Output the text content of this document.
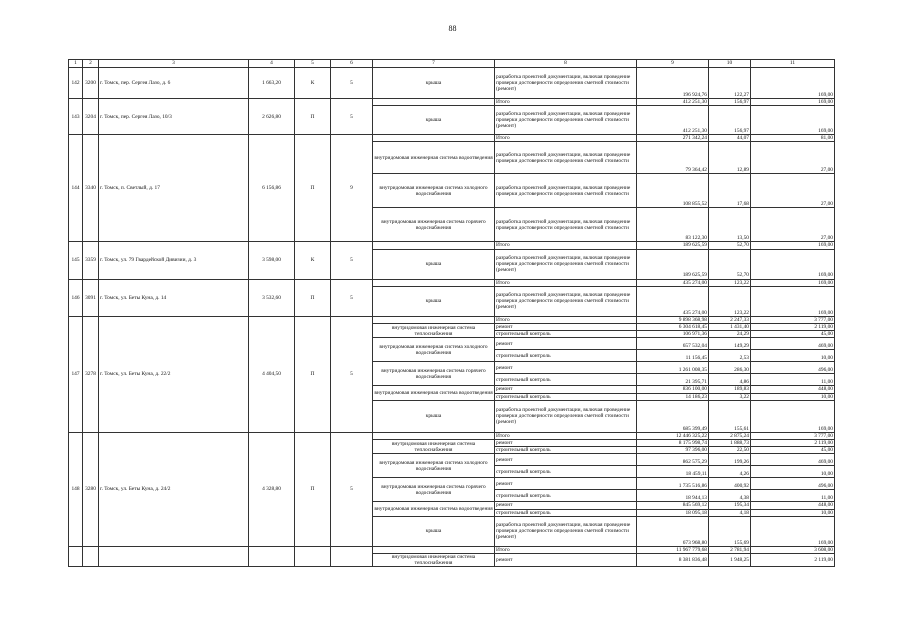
88
1	2	3	4	5	6	7	8	9	10	11
142	3200	г. Томск, пер. Сергея Лазо, д. 6	1 663,20	К	5	крыша	разработка проектной документации, включая проведение проверки достоверности определения сметной стоимости (ремонт)	196 924,76	122,27	169,00
143	3204	г. Томск, пер. Сергея Лазо, 10/3	2 626,80	П	5		Итого	412 251,30	156,97	169,00
						крыша	разработка проектной документации, включая проведение проверки достоверности определения сметной стоимости (ремонт)	412 251,30	156,97	169,00
144	3340	г. Томск, п. Светлый, д. 17	6 156,86	П	9		Итого	271 342,24	44,07	81,00
						внутридомовая инженерная система водоотведения	разработка проектной документации, включая проведение проверки достоверности определения сметной стоимости	79 364,42	12,89	27,00
						внутридомовая инженерная система холодного водоснабжения	разработка проектной документации, включая проведение проверки достоверности определения сметной стоимости	108 855,52	17,68	27,00
						внутридомовая инженерная система горячего водоснабжения	разработка проектной документации, включая проведение проверки достоверности определения сметной стоимости	83 122,30	13,50	27,00
145	3359	г. Томск, ул. 79 Гвардейской Дивизии, д. 3	3 598,00	К	5		Итого	189 625,59	52,70	169,00
						крыша	разработка проектной документации, включая проведение проверки достоверности определения сметной стоимости (ремонт)	189 625,59	52,70	169,00
146	3091	г. Томск, ул. Беты Куна, д. 14	3 532,60	П	5		Итого	435 274,00	123,22	169,00
						крыша	разработка проектной документации, включая проведение проверки достоверности определения сметной стоимости (ремонт)	435 274,00	123,22	169,00
147	3278	г. Томск, ул. Беты Куна, д. 22/2	4 404,50	П	5		Итого	9 898 368,98	2 247,33	3 777,00
						внутридомовая инженерная система теплоснабжения	ремонт	6 304 618,45	1 431,40	2 119,00
							строительный контроль	106 971,36	24,29	45,00
						внутридомовая инженерная система холодного водоснабжения	ремонт	657 532,04	149,29	469,00
							строительный контроль	11 156,45	2,53	10,00
						внутридомовая инженерная система горячего водоснабжения	ремонт	1 261 008,35	286,30	496,00
							строительный контроль	21 395,71	4,86	11,00
						внутридомовая инженерная система водоотведения	ремонт	836 100,00	189,83	448,00
							строительный контроль	14 186,23	3,22	10,00
						крыша	разработка проектной документации, включая проведение проверки достоверности определения сметной стоимости (ремонт)	685 399,49	155,61	169,00
148	3280	г. Томск, ул. Беты Куна, д. 24/2	4 328,80	П	5		Итого	12 446 325,22	2 875,24	3 777,00
						внутридомовая инженерная система теплоснабжения	ремонт	8 175 998,74	1 888,73	2 119,00
							строительный контроль	97 396,00	22,50	45,00
						внутридомовая инженерная система холодного водоснабжения	ремонт	862 575,29	199,26	469,00
							строительный контроль	18 459,11	4,26	10,00
						внутридомовая инженерная система горячего водоснабжения	ремонт	1 735 516,86	400,92	496,00
							строительный контроль	18 944,13	4,38	11,00
						внутридомовая инженерная система водоотведения	ремонт	845 569,12	195,34	448,00
							строительный контроль	18 095,18	4,18	10,00
						крыша	разработка проектной документации, включая проведение проверки достоверности определения сметной стоимости (ремонт)	673 968,80	155,69	169,00
							Итого	11 967 779,68	2 781,94	3 608,00
						внутридомовая инженерная система теплоснабжения	ремонт	8 381 836,48	1 948,25	2 119,00
